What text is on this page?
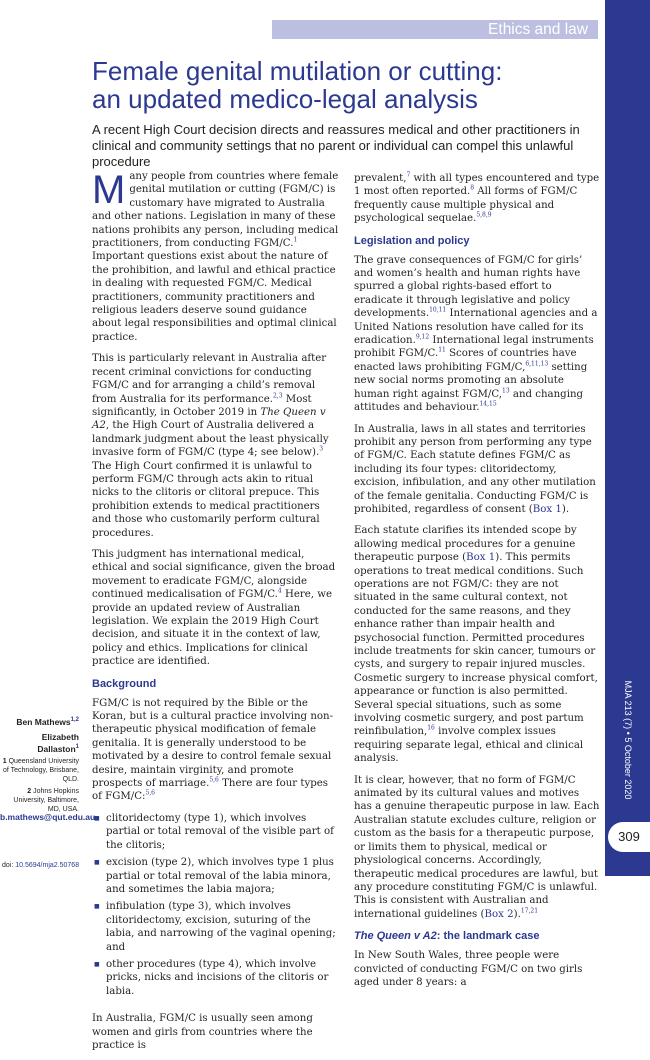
Ethics and law
MJA 213 (7) • 5 October 2020
309
Female genital mutilation or cutting:
an updated medico-legal analysis

A recent High Court decision directs and reassures medical and other practitioners in clinical and community settings that no parent or individual can compel this unlawful procedure

Many people from countries where female genital mutilation or cutting (FGM/C) is customary have migrated to Australia and other nations. Legislation in many of these nations prohibits any person, including medical practitioners, from conducting FGM/C.$^1$ Important questions exist about the nature of the prohibition, and lawful and ethical practice in dealing with requested FGM/C. Medical practitioners, community practitioners and religious leaders deserve sound guidance about legal responsibilities and optimal clinical practice.

This is particularly relevant in Australia after recent criminal convictions for conducting FGM/C and for arranging a child’s removal from Australia for its performance.$^{2,3}$ Most significantly, in October 2019 in The Queen v A2, the High Court of Australia delivered a landmark judgment about the least physically invasive form of FGM/C (type 4; see below).$^3$ The High Court confirmed it is unlawful to perform FGM/C through acts akin to ritual nicks to the clitoris or clitoral prepuce. This prohibition extends to medical practitioners and those who customarily perform cultural procedures.

This judgment has international medical, ethical and social significance, given the broad movement to eradicate FGM/C, alongside continued medicalisation of FGM/C.$^4$ Here, we provide an updated review of Australian legislation. We explain the 2019 High Court decision, and situate it in the context of law, policy and ethics. Implications for clinical practice are identified.

Background

FGM/C is not required by the Bible or the Koran, but is a cultural practice involving non-therapeutic physical modification of female genitalia. It is generally understood to be motivated by a desire to control female sexual desire, maintain virginity, and promote prospects of marriage.$^{5,6}$ There are four types of FGM/C:$^{5,6}$

■ clitoridectomy (type 1), which involves partial or total removal of the visible part of the clitoris;
■ excision (type 2), which involves type 1 plus partial or total removal of the labia minora, and sometimes the labia majora;
■ infibulation (type 3), which involves clitoridectomy, excision, suturing of the labia, and narrowing of the vaginal opening; and
■ other procedures (type 4), which involve pricks, nicks and incisions of the clitoris or labia.

In Australia, FGM/C is usually seen among women and girls from countries where the practice is

prevalent,$^7$ with all types encountered and type 1 most often reported.$^8$ All forms of FGM/C frequently cause multiple physical and psychological sequelae.$^{5,8,9}$

Legislation and policy

The grave consequences of FGM/C for girls’ and women’s health and human rights have spurred a global rights-based effort to eradicate it through legislative and policy developments.$^{10,11}$ International agencies and a United Nations resolution have called for its eradication.$^{9,12}$ International legal instruments prohibit FGM/C.$^{11}$ Scores of countries have enacted laws prohibiting FGM/C,$^{6,11,13}$ setting new social norms promoting an absolute human right against FGM/C,$^{13}$ and changing attitudes and behaviour.$^{14,15}$

In Australia, laws in all states and territories prohibit any person from performing any type of FGM/C. Each statute defines FGM/C as including its four types: clitoridectomy, excision, infibulation, and any other mutilation of the female genitalia. Conducting FGM/C is prohibited, regardless of consent (Box 1).

Each statute clarifies its intended scope by allowing medical procedures for a genuine therapeutic purpose (Box 1). This permits operations to treat medical conditions. Such operations are not FGM/C: they are not situated in the same cultural context, not conducted for the same reasons, and they enhance rather than impair health and psychosocial function. Permitted procedures include treatments for skin cancer, tumours or cysts, and surgery to repair injured muscles. Cosmetic surgery to increase physical comfort, appearance or function is also permitted. Several special situations, such as some involving cosmetic surgery, and post partum reinfibulation,$^{16}$ involve complex issues requiring separate legal, ethical and clinical analysis.

It is clear, however, that no form of FGM/C animated by its cultural values and motives has a genuine therapeutic purpose in law. Each Australian statute excludes culture, religion or custom as the basis for a therapeutic purpose, or limits them to physical, medical or physiological concerns. Accordingly, therapeutic medical procedures are lawful, but any procedure constituting FGM/C is unlawful. This is consistent with Australian and international guidelines (Box 2).$^{17,21}$

The Queen v A2: the landmark case

In New South Wales, three people were convicted of conducting FGM/C on two girls aged under 8 years: a

Ben Mathews$^{1,2}$
Elizabeth Dallaston$^1$
1 Queensland University of Technology, Brisbane, QLD.
2 Johns Hopkins University, Baltimore, MD, USA.
b.mathews@qut.edu.au
doi: 10.5694/mja2.50768
